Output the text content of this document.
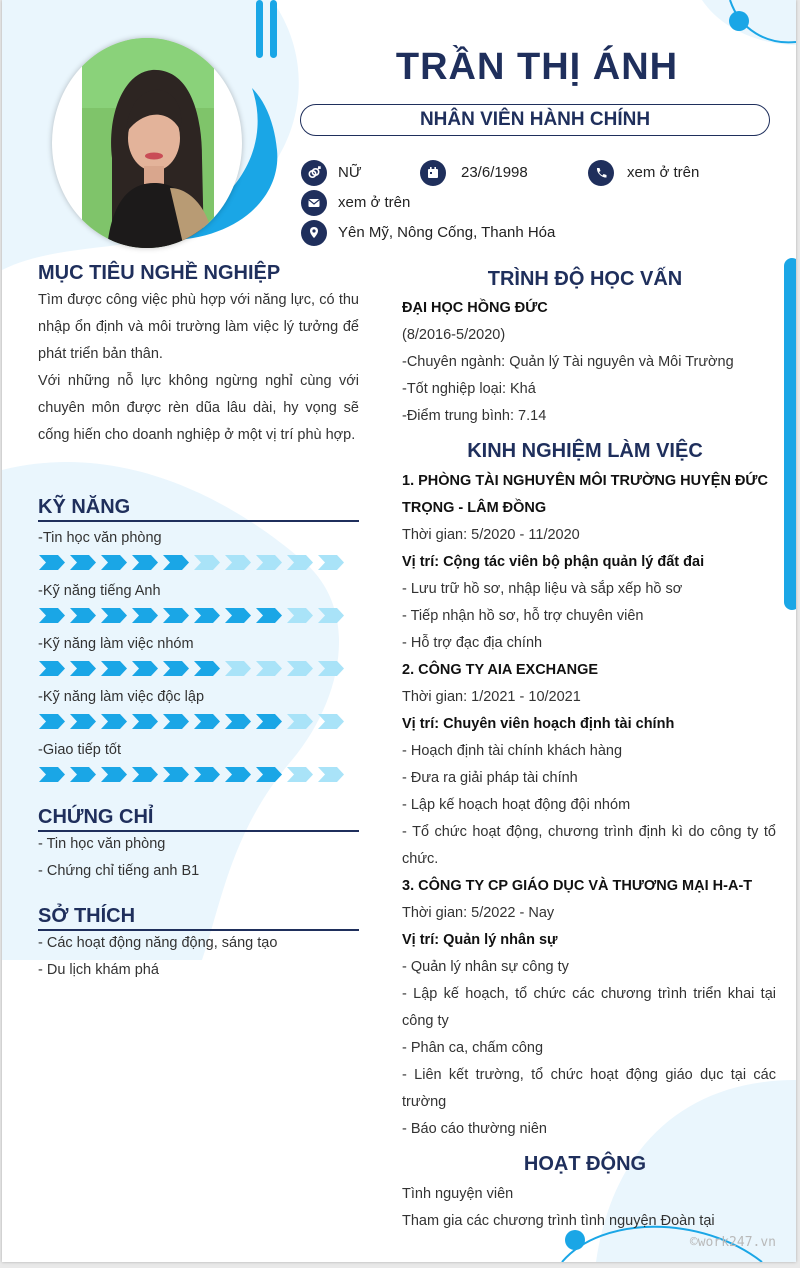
TRẦN THỊ ÁNH
NHÂN VIÊN HÀNH CHÍNH
NỮ	23/6/1998	xem ở trên
xem ở trên
Yên Mỹ, Nông Cống, Thanh Hóa
MỤC TIÊU NGHỀ NGHIỆP
Tìm được công việc phù hợp với năng lực, có thu nhập ổn định và môi trường làm việc lý tưởng để phát triển bản thân.
Với những nỗ lực không ngừng nghỉ cùng với chuyên môn được rèn dũa lâu dài, hy vọng sẽ cống hiến cho doanh nghiệp ở một vị trí phù hợp.
KỸ NĂNG
CHỨNG CHỈ
- Tin học văn phòng
- Chứng chỉ tiếng anh B1
SỞ THÍCH
- Các hoạt động năng động, sáng tạo
- Du lịch khám phá
TRÌNH ĐỘ HỌC VẤN
ĐẠI HỌC HỒNG ĐỨC
(8/2016-5/2020)
-Chuyên ngành: Quản lý Tài nguyên và Môi Trường
-Tốt nghiệp loại: Khá
-Điểm trung bình: 7.14
KINH NGHIỆM LÀM VIỆC
1. PHÒNG TÀI NGHUYÊN MÔI TRƯỜNG HUYỆN ĐỨC
TRỌNG - LÂM ĐỒNG
Thời gian: 5/2020 - 11/2020
Vị trí: Cộng tác viên bộ phận quản lý đất đai
- Lưu trữ hồ sơ, nhập liệu và sắp xếp hồ sơ
- Tiếp nhận hồ sơ, hỗ trợ chuyên viên
- Hỗ trợ đạc địa chính
2. CÔNG TY AIA EXCHANGE
Thời gian: 1/2021 - 10/2021
Vị trí: Chuyên viên hoạch định tài chính
- Hoạch định tài chính khách hàng
- Đưa ra giải pháp tài chính
- Lập kế hoạch hoạt động đội nhóm
- Tổ chức hoạt động, chương trình định kì do công ty tổ chức.
3. CÔNG TY CP GIÁO DỤC VÀ THƯƠNG MẠI H-A-T
Thời gian: 5/2022 - Nay
Vị trí: Quản lý nhân sự
- Quản lý nhân sự công ty
- Lập kế hoạch, tổ chức các chương trình triển khai tại công ty
- Phân ca, chấm công
- Liên kết trường, tổ chức hoạt động giáo dục tại các trường
- Báo cáo thường niên
HOẠT ĐỘNG
Tình nguyện viên
Tham gia các chương trình tình nguyện Đoàn tại
©work247.vn
-Tin học văn phòng
-Kỹ năng tiếng Anh
-Kỹ năng làm việc nhóm
-Kỹ năng làm việc độc lập
-Giao tiếp tốt
